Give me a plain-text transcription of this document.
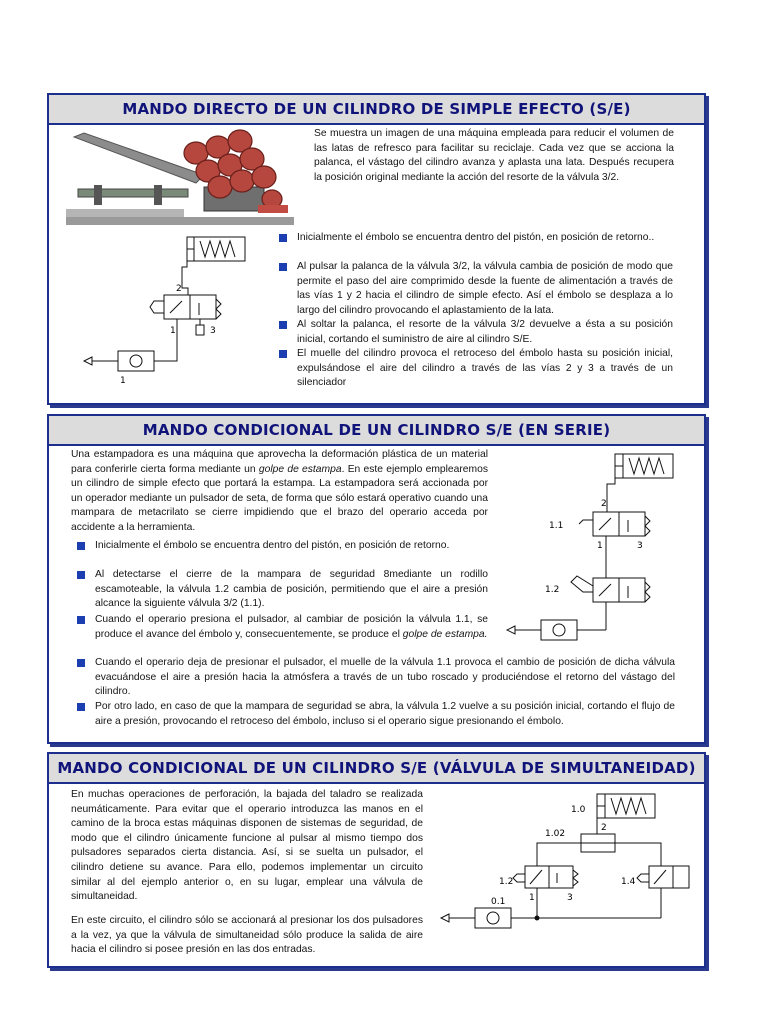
MANDO DIRECTO DE UN CILINDRO DE SIMPLE EFECTO (S/E)
Se muestra un imagen de una máquina empleada para reducir el volumen de las latas de refresco para facilitar su reciclaje. Cada vez que se acciona la palanca, el vástago del cilindro avanza y aplasta una lata. Después recupera la posición original mediante la acción del resorte de la válvula 3/2.
2
1	3
1
Inicialmente el émbolo se encuentra dentro del pistón, en posición de retorno..
Al pulsar la palanca de la válvula 3/2, la válvula cambia de posición de modo que permite el paso del aire comprimido desde la fuente de alimentación a través de las vías 1 y 2 hacia el cilindro de simple efecto. Así el émbolo se desplaza a lo largo del cilindro provocando el aplastamiento de la lata.
Al soltar la palanca, el resorte de la válvula 3/2 devuelve a ésta a su posición inicial, cortando el suministro de aire al cilindro S/E.
El muelle del cilindro provoca el retroceso del émbolo hasta su posición inicial, expulsándose el aire del cilindro a través de las vías 2 y 3 a través de un silenciador
MANDO CONDICIONAL DE UN CILINDRO S/E (EN SERIE)
Una estampadora es una máquina que aprovecha la deformación plástica de un material para conferirle cierta forma mediante un golpe de estampa. En este ejemplo emplearemos un cilindro de simple efecto que portará la estampa. La estampadora será accionada por un operador mediante un pulsador de seta, de forma que sólo estará operativo cuando una mampara de metacrilato se cierre impidiendo que el brazo del operario acceda por accidente a la herramienta.
Inicialmente el émbolo se encuentra dentro del pistón, en posición de retorno.
Al detectarse el cierre de la mampara de seguridad 8mediante un rodillo escamoteable, la válvula 1.2 cambia de posición, permitiendo que el aire a presión alcance la siguiente válvula 3/2 (1.1).
Cuando el operario presiona el pulsador, al cambiar de posición la válvula 1.1, se produce el avance del émbolo y, consecuentemente, se produce el golpe de estampa.
Cuando el operario deja de presionar el pulsador, el muelle de la válvula 1.1 provoca el cambio de posición de dicha válvula evacuándose el aire a presión hacia la atmósfera a través de un tubo roscado y produciéndose el retorno del vástago del cilindro.
Por otro lado, en caso de que la mampara de seguridad se abra, la válvula 1.2 vuelve a su posición inicial, cortando el flujo de aire a presión, provocando el retroceso del émbolo, incluso si el operario sigue presionando el émbolo.
1.1
1.2
2
1	3
MANDO CONDICIONAL DE UN CILINDRO S/E (VÁLVULA DE SIMULTANEIDAD)
En muchas operaciones de perforación, la bajada del taladro se realizada neumáticamente. Para evitar que el operario introduzca las manos en el camino de la broca estas máquinas disponen de sistemas de seguridad, de modo que el cilindro únicamente funcione al pulsar al mismo tiempo dos pulsadores separados cierta distancia. Así, si se suelta un pulsador, el cilindro detiene su avance. Para ello, podemos implementar un circuito similar al del ejemplo anterior o, en su lugar, emplear una válvula de simultaneidad.
En este circuito, el cilindro sólo se accionará al presionar los dos pulsadores a la vez, ya que la válvula de simultaneidad sólo produce la salida de aire hacia el cilindro si posee presión en las dos entradas.
1.0
1.02
1.2	1.4
0.1
2
1	3
